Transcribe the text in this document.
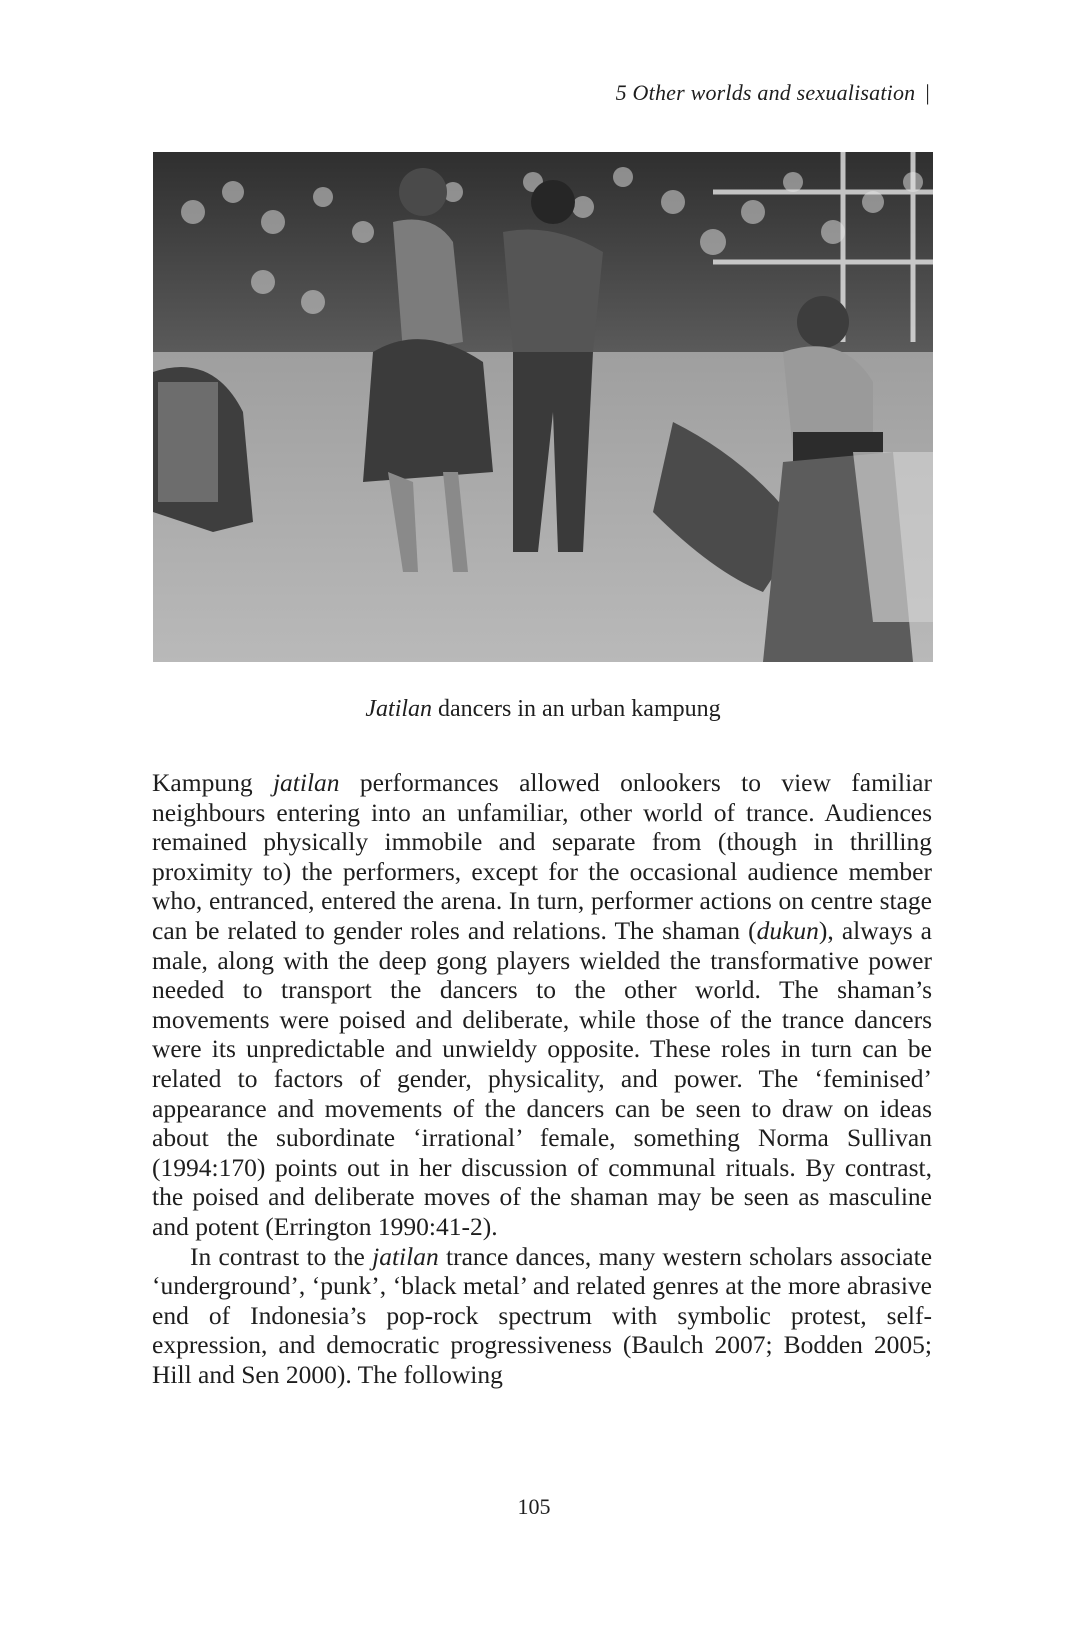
5 Other worlds and sexualisation |
Jatilan dancers in an urban kampung

Kampung jatilan performances allowed onlookers to view familiar neighbours entering into an unfamiliar, other world of trance. Audiences remained physically immobile and separate from (though in thrilling proximity to) the performers, except for the occasional audience member who, entranced, entered the arena. In turn, performer actions on centre stage can be related to gender roles and relations. The shaman (dukun), always a male, along with the deep gong players wielded the transformative power needed to transport the dancers to the other world. The shaman’s movements were poised and deliberate, while those of the trance dancers were its unpredictable and unwieldy opposite. These roles in turn can be related to factors of gender, physicality, and power. The ‘feminised’ appearance and movements of the dancers can be seen to draw on ideas about the subordinate ‘irrational’ female, something Norma Sullivan (1994:170) points out in her discussion of communal rituals. By contrast, the poised and deliberate moves of the shaman may be seen as masculine and potent (Errington 1990:41-2).

In contrast to the jatilan trance dances, many western scholars associate ‘underground’, ‘punk’, ‘black metal’ and related genres at the more abrasive end of Indonesia’s pop-rock spectrum with symbolic protest, self-expression, and democratic progressiveness (Baulch 2007; Bodden 2005; Hill and Sen 2000). The following

105
